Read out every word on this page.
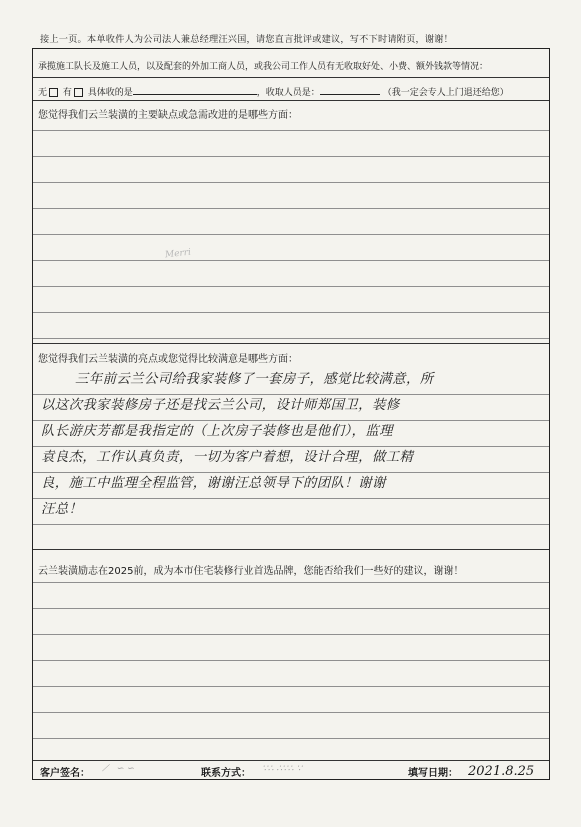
接上一页。本单收件人为公司法人兼总经理汪兴国，请您直言批评或建议，写不下时请附页，谢谢！
承揽施工队长及施工人员，以及配套的外加工商人员，或我公司工作人员有无收取好处、小费、额外钱款等情况：
无 有 具体收的是	，收取人员是：	（我一定会专人上门退还给您）
您觉得我们云兰装潢的主要缺点或急需改进的是哪些方面：
您觉得我们云兰装潢的亮点或您觉得比较满意是哪些方面：
三年前云兰公司给我家装修了一套房子，感觉比较满意，所
以这次我家装修房子还是找云兰公司，设计师郑国卫，装修
队长游庆芳都是我指定的（上次房子装修也是他们），监理
袁良杰，工作认真负责，一切为客户着想，设计合理，做工精
良，施工中监理全程监管，谢谢汪总领导下的团队！谢谢
汪总！
云兰装潢励志在2025前，成为本市住宅装修行业首选品牌，您能否给我们一些好的建议，谢谢！
Merri
客户签名： ⟋   ∽ ∽	联系方式： ∵∴ ∴∵∴ ∵	填写日期： 2021.8.25
